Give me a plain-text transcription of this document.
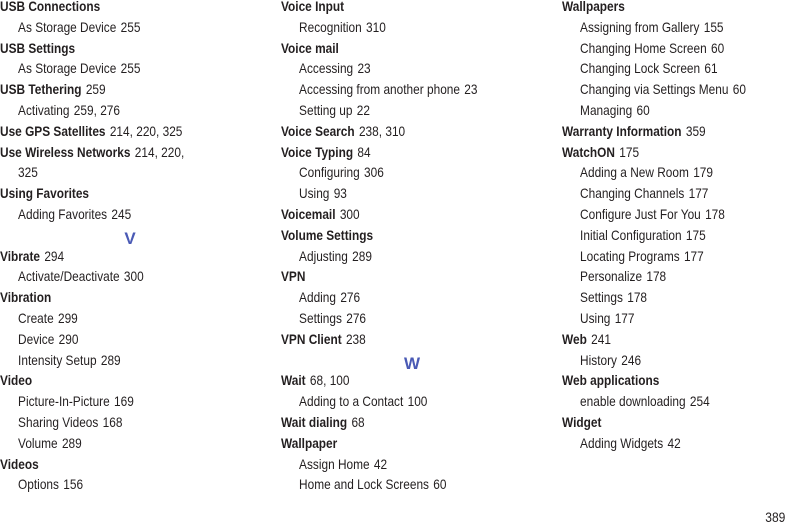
USB Connections
As Storage Device 255
USB Settings
As Storage Device 255
USB Tethering 259
Activating 259, 276
Use GPS Satellites 214, 220, 325
Use Wireless Networks 214, 220,
325
Using Favorites
Adding Favorites 245
V
Vibrate 294
Activate/Deactivate 300
Vibration
Create 299
Device 290
Intensity Setup 289
Video
Picture-In-Picture 169
Sharing Videos 168
Volume 289
Videos
Options 156
Voice Input
Recognition 310
Voice mail
Accessing 23
Accessing from another phone 23
Setting up 22
Voice Search 238, 310
Voice Typing 84
Configuring 306
Using 93
Voicemail 300
Volume Settings
Adjusting 289
VPN
Adding 276
Settings 276
VPN Client 238
W
Wait 68, 100
Adding to a Contact 100
Wait dialing 68
Wallpaper
Assign Home 42
Home and Lock Screens 60
Wallpapers
Assigning from Gallery 155
Changing Home Screen 60
Changing Lock Screen 61
Changing via Settings Menu 60
Managing 60
Warranty Information 359
WatchON 175
Adding a New Room 179
Changing Channels 177
Configure Just For You 178
Initial Configuration 175
Locating Programs 177
Personalize 178
Settings 178
Using 177
Web 241
History 246
Web applications
enable downloading 254
Widget
Adding Widgets 42
389
